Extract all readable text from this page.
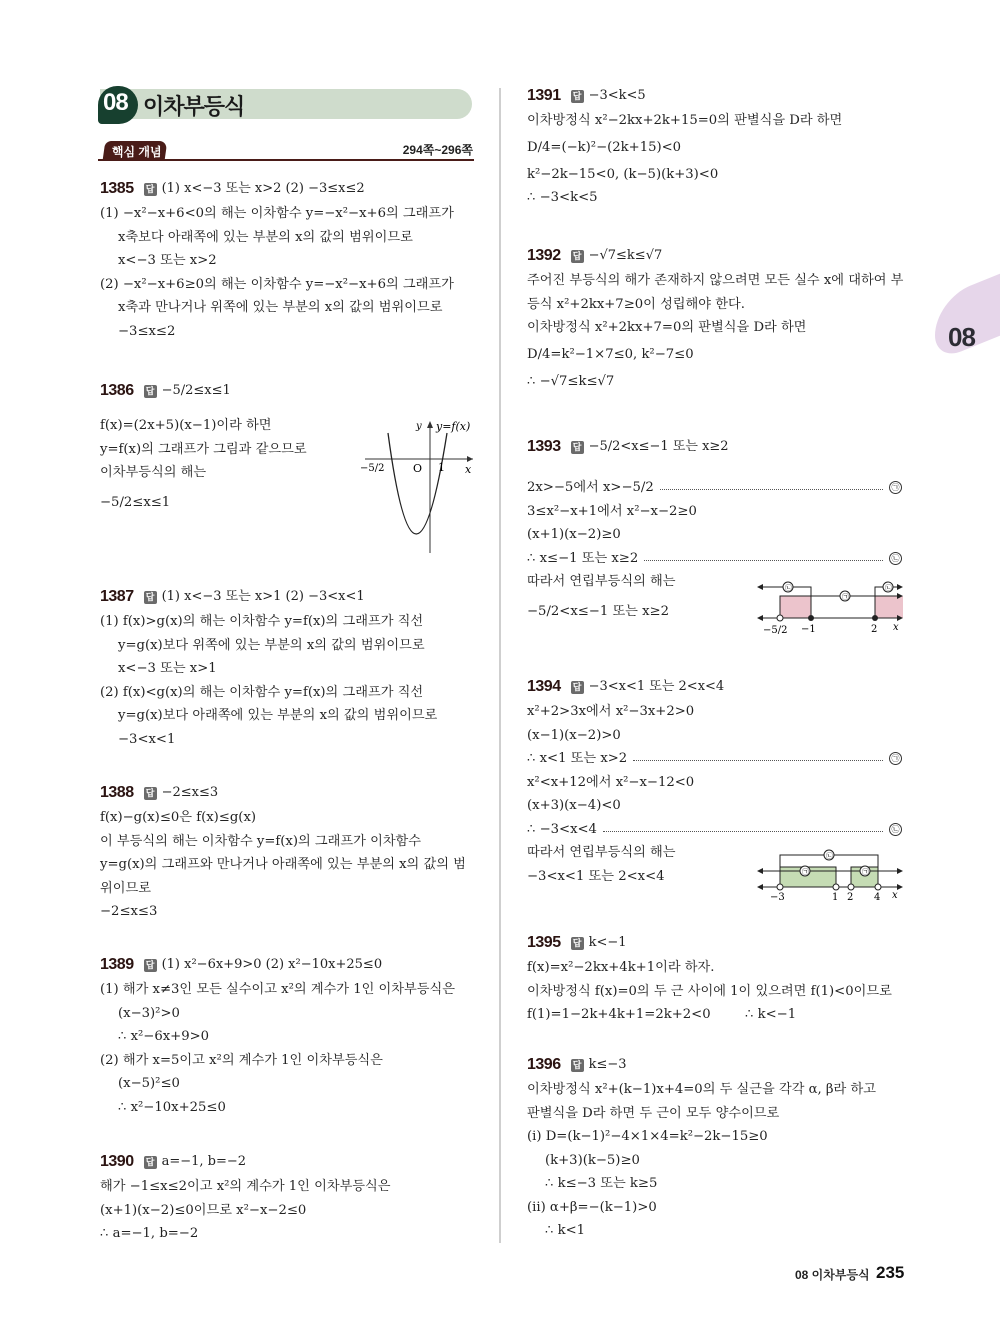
08 이차부등식
핵심 개념	294쪽~296쪽
1385 답 (1) x<−3 또는 x>2 (2) −3≤x≤2
(1) −x²−x+6<0의 해는 이차함수 y=−x²−x+6의 그래프가
x축보다 아래쪽에 있는 부분의 x의 값의 범위이므로
x<−3 또는 x>2
(2) −x²−x+6≥0의 해는 이차함수 y=−x²−x+6의 그래프가
x축과 만나거나 위쪽에 있는 부분의 x의 값의 범위이므로
−3≤x≤2
1386 답 −5/2≤x≤1
f(x)=(2x+5)(x−1)이라 하면
y=f(x)의 그래프가 그림과 같으므로
이차부등식의 해는
−5/2≤x≤1
y y=f(x)
O 1 x
−5/2
1387 답 (1) x<−3 또는 x>1 (2) −3<x<1
(1) f(x)>g(x)의 해는 이차함수 y=f(x)의 그래프가 직선
y=g(x)보다 위쪽에 있는 부분의 x의 값의 범위이므로
x<−3 또는 x>1
(2) f(x)<g(x)의 해는 이차함수 y=f(x)의 그래프가 직선
y=g(x)보다 아래쪽에 있는 부분의 x의 값의 범위이므로
−3<x<1
1388 답 −2≤x≤3
f(x)−g(x)≤0은 f(x)≤g(x)
이 부등식의 해는 이차함수 y=f(x)의 그래프가 이차함수
y=g(x)의 그래프와 만나거나 아래쪽에 있는 부분의 x의 값의 범
위이므로
−2≤x≤3
1389 답 (1) x²−6x+9>0 (2) x²−10x+25≤0
(1) 해가 x≠3인 모든 실수이고 x²의 계수가 1인 이차부등식은
(x−3)²>0
∴ x²−6x+9>0
(2) 해가 x=5이고 x²의 계수가 1인 이차부등식은
(x−5)²≤0
∴ x²−10x+25≤0
1390 답 a=−1, b=−2
해가 −1≤x≤2이고 x²의 계수가 1인 이차부등식은
(x+1)(x−2)≤0이므로 x²−x−2≤0
∴ a=−1, b=−2
1391 답 −3<k<5
이차방정식 x²−2kx+2k+15=0의 판별식을 D라 하면
D/4=(−k)²−(2k+15)<0
k²−2k−15<0, (k−5)(k+3)<0
∴ −3<k<5
1392 답 −√7≤k≤√7
주어진 부등식의 해가 존재하지 않으려면 모든 실수 x에 대하여 부
등식 x²+2kx+7≥0이 성립해야 한다.
이차방정식 x²+2kx+7=0의 판별식을 D라 하면
D/4=k²−1×7≤0, k²−7≤0
∴ −√7≤k≤√7
1393 답 −5/2<x≤−1 또는 x≥2
2x>−5에서 x>−5/2	㉠
3≤x²−x+1에서 x²−x−2≥0
(x+1)(x−2)≥0
∴ x≤−1 또는 x≥2	㉡
따라서 연립부등식의 해는
−5/2<x≤−1 또는 x≥2
㉡
㉠
㉡
−5/2 −1	2 x
1394 답 −3<x<1 또는 2<x<4
x²+2>3x에서 x²−3x+2>0
(x−1)(x−2)>0
∴ x<1 또는 x>2	㉠
x²<x+12에서 x²−x−12<0
(x+3)(x−4)<0
∴ −3<x<4	㉡
따라서 연립부등식의 해는
−3<x<1 또는 2<x<4
㉡
㉠	㉠
−3	1 2 4 x
1395 답 k<−1
f(x)=x²−2kx+4k+1이라 하자.
이차방정식 f(x)=0의 두 근 사이에 1이 있으려면 f(1)<0이므로
f(1)=1−2k+4k+1=2k+2<0	∴ k<−1
1396 답 k≤−3
이차방정식 x²+(k−1)x+4=0의 두 실근을 각각 α, β라 하고
판별식을 D라 하면 두 근이 모두 양수이므로
(i) D=(k−1)²−4×1×4=k²−2k−15≥0
(k+3)(k−5)≥0
∴ k≤−3 또는 k≥5
(ii) α+β=−(k−1)>0
∴ k<1
08
08 이차부등식 235
